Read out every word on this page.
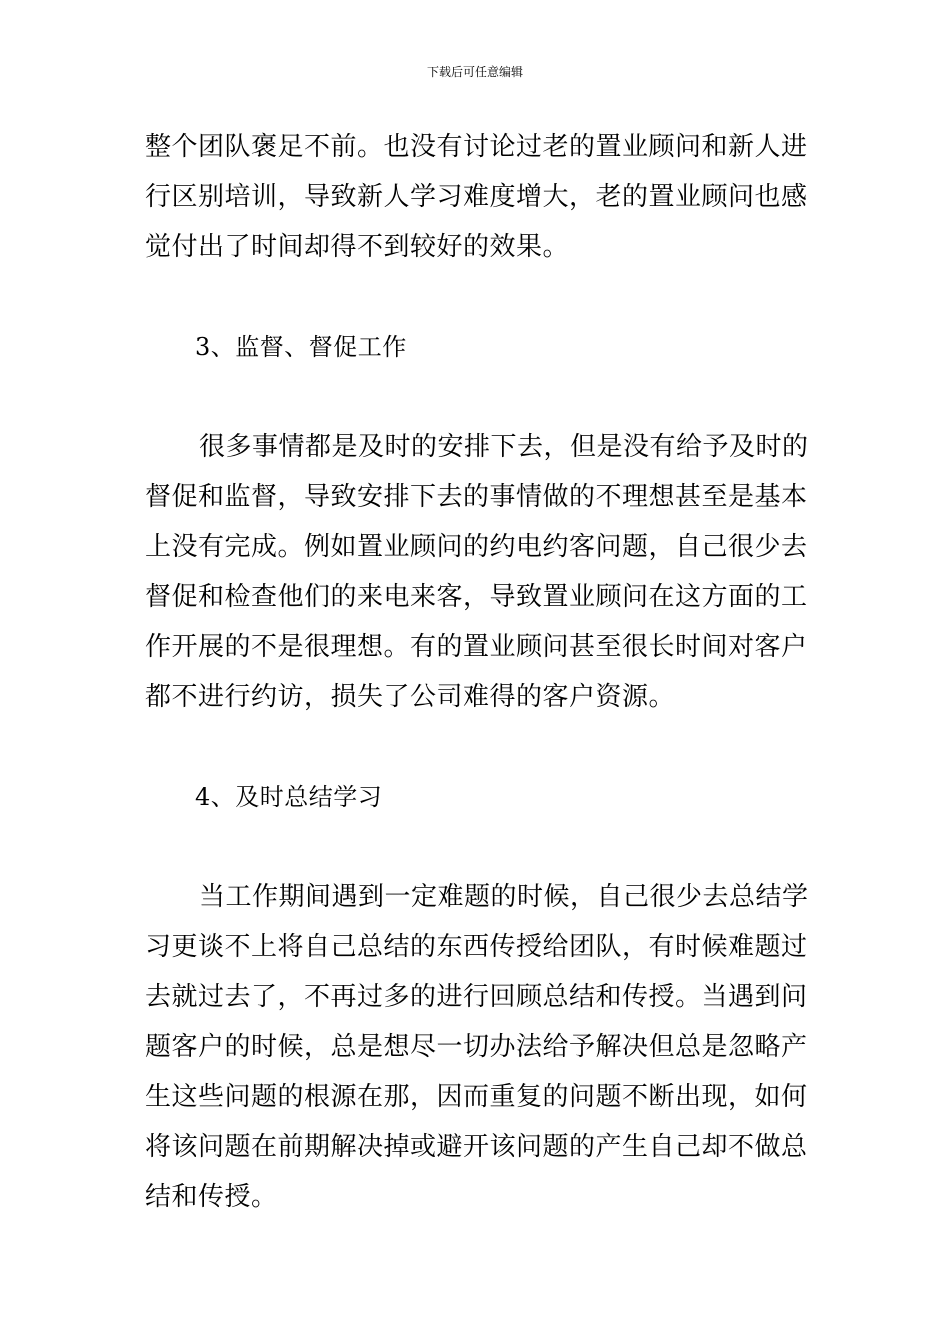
下载后可任意编辑

整个团队褒足不前。也没有讨论过老的置业顾问和新人进
行区别培训，导致新人学习难度增大，老的置业顾问也感
觉付出了时间却得不到较好的效果。

3、监督、督促工作

很多事情都是及时的安排下去，但是没有给予及时的
督促和监督，导致安排下去的事情做的不理想甚至是基本
上没有完成。例如置业顾问的约电约客问题，自己很少去
督促和检查他们的来电来客，导致置业顾问在这方面的工
作开展的不是很理想。有的置业顾问甚至很长时间对客户
都不进行约访，损失了公司难得的客户资源。

4、及时总结学习

当工作期间遇到一定难题的时候，自己很少去总结学
习更谈不上将自己总结的东西传授给团队，有时候难题过
去就过去了，不再过多的进行回顾总结和传授。当遇到问
题客户的时候，总是想尽一切办法给予解决但总是忽略产
生这些问题的根源在那，因而重复的问题不断出现，如何
将该问题在前期解决掉或避开该问题的产生自己却不做总
结和传授。
